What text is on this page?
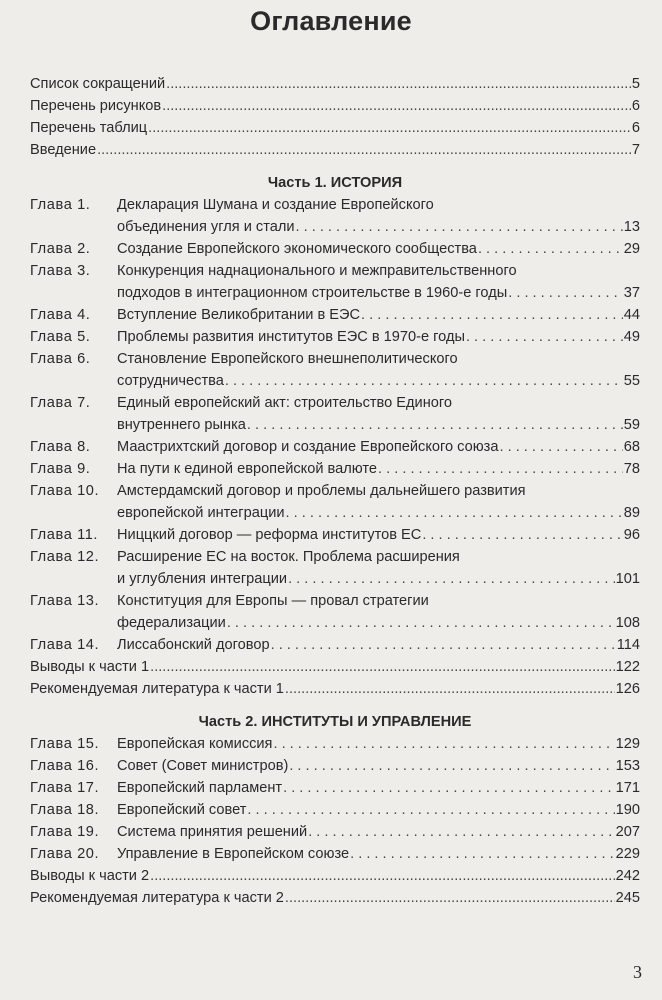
Оглавление
Список сокращений .....	5
Перечень рисунков .....	6
Перечень таблиц .....	6
Введение .....	7
Часть 1. ИСТОРИЯ
Глава 1.	Декларация Шумана и создание Европейского
объединения угля и стали . . .	13
Глава 2.	Создание Европейского экономического сообщества . . .	29
Глава 3.	Конкуренция наднационального и межправительственного
подходов в интеграционном строительстве в 1960-е годы . . .	37
Глава 4.	Вступление Великобритании в ЕЭС . . .	44
Глава 5.	Проблемы развития институтов ЕЭС в 1970-е годы . . .	49
Глава 6.	Становление Европейского внешнеполитического
сотрудничества . . .	55
Глава 7.	Единый европейский акт: строительство Единого
внутреннего рынка . . .	59
Глава 8.	Маастрихтский договор и создание Европейского союза . . .	68
Глава 9.	На пути к единой европейской валюте . . .	78
Глава 10.	Амстердамский договор и проблемы дальнейшего развития
европейской интеграции . . .	89
Глава 11.	Ниццкий договор — реформа институтов ЕС . . .	96
Глава 12.	Расширение ЕС на восток. Проблема расширения
и углубления интеграции . . .	101
Глава 13.	Конституция для Европы — провал стратегии
федерализации . . .	108
Глава 14.	Лиссабонский договор . . .	114
Выводы к части 1 .....	122
Рекомендуемая литература к части 1 .....	126
Часть 2. ИНСТИТУТЫ И УПРАВЛЕНИЕ
Глава 15.	Европейская комиссия . . .	129
Глава 16.	Совет (Совет министров) . . .	153
Глава 17.	Европейский парламент . . .	171
Глава 18.	Европейский совет . . .	190
Глава 19.	Система принятия решений . . .	207
Глава 20.	Управление в Европейском союзе . . .	229
Выводы к части 2 .....	242
Рекомендуемая литература к части 2 .....	245
3
